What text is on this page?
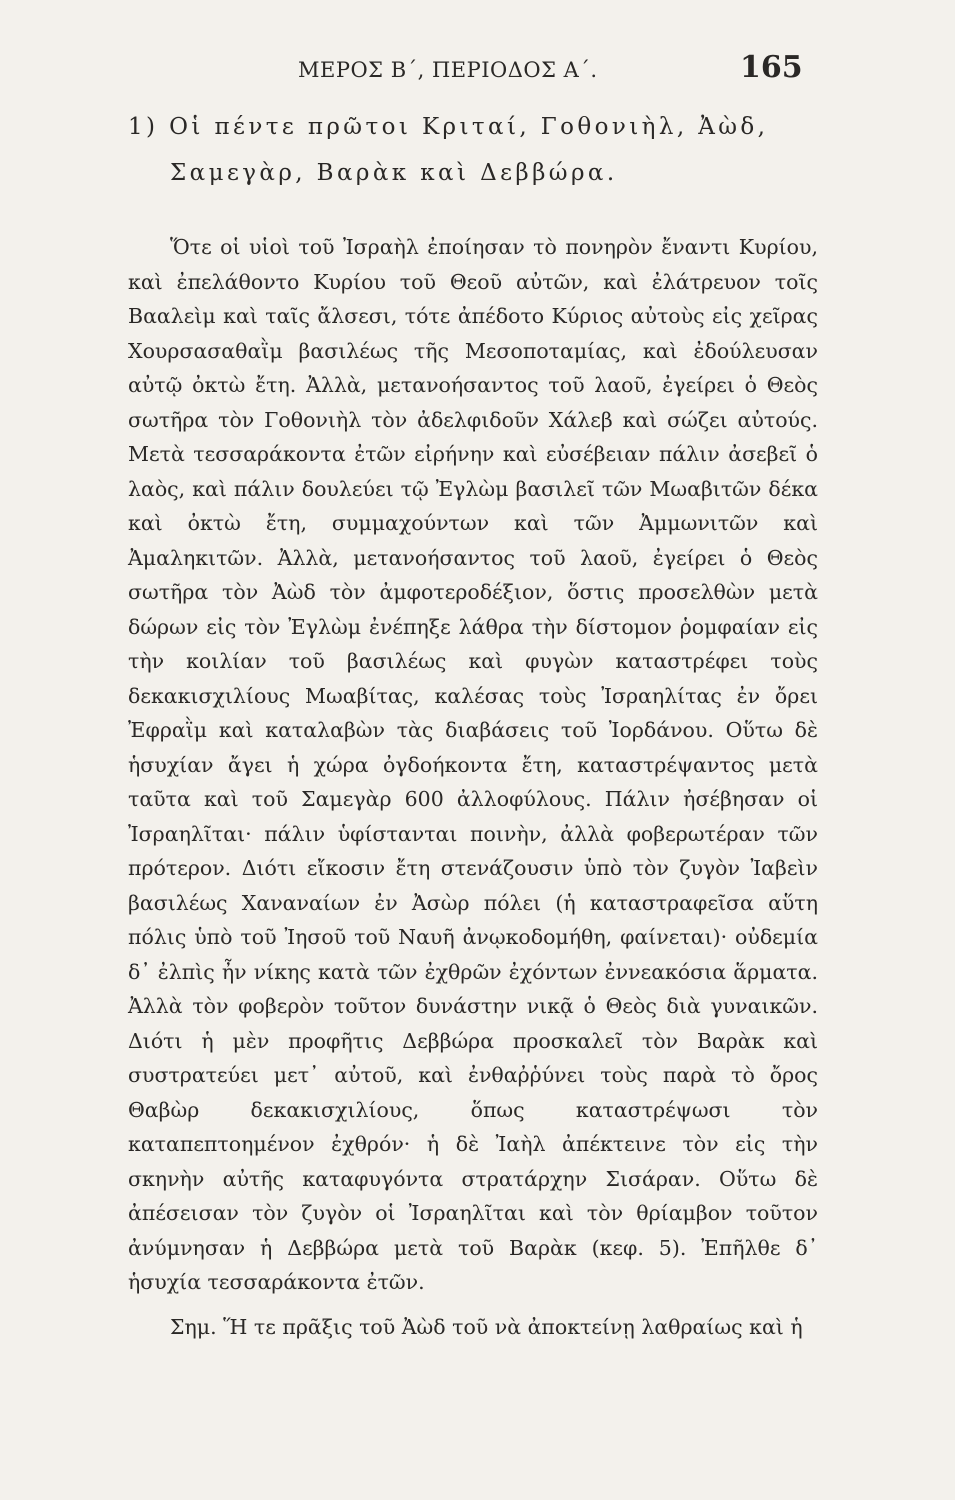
ΜΕΡΟΣ Β΄, ΠΕΡΙΟΔΟΣ Α΄.	165
1) Οἱ πέντε πρῶτοι Κριταί, Γοθονιὴλ, Ἀὼδ,
Σαμεγὰρ, Βαρὰκ καὶ Δεββώρα.

Ὅτε οἱ υἱοὶ τοῦ Ἰσραὴλ ἐποίησαν τὸ πονηρὸν ἔναντι Κυρίου, καὶ ἐπελάθοντο Κυρίου τοῦ Θεοῦ αὐτῶν, καὶ ἐλάτρευον τοῖς Βααλεὶμ καὶ ταῖς ἄλσεσι, τότε ἀπέδοτο Κύριος αὐτοὺς εἰς χεῖρας Χουρσασαθαῒμ βασιλέως τῆς Μεσοποταμίας, καὶ ἐδούλευσαν αὐτῷ ὀκτὼ ἔτη. Ἀλλὰ, μετανοήσαντος τοῦ λαοῦ, ἐγείρει ὁ Θεὸς σωτῆρα τὸν Γοθονιὴλ τὸν ἀδελφιδοῦν Χάλεβ καὶ σώζει αὐτούς. Μετὰ τεσσαράκοντα ἐτῶν εἰρήνην καὶ εὐσέβειαν πάλιν ἀσεβεῖ ὁ λαὸς, καὶ πάλιν δουλεύει τῷ Ἐγλὼμ βασιλεῖ τῶν Μωαβιτῶν δέκα καὶ ὀκτὼ ἔτη, συμμαχούντων καὶ τῶν Ἀμμωνιτῶν καὶ Ἀμαληκιτῶν. Ἀλλὰ, μετανοήσαντος τοῦ λαοῦ, ἐγείρει ὁ Θεὸς σωτῆρα τὸν Ἀὼδ τὸν ἀμφοτεροδέξιον, ὅστις προσελθὼν μετὰ δώρων εἰς τὸν Ἐγλὼμ ἐνέπηξε λάθρα τὴν δίστομον ῥομφαίαν εἰς τὴν κοιλίαν τοῦ βασιλέως καὶ φυγὼν καταστρέφει τοὺς δεκακισχιλίους Μωαβίτας, καλέσας τοὺς Ἰσραηλίτας ἐν ὄρει Ἐφραῒμ καὶ καταλαβὼν τὰς διαβάσεις τοῦ Ἰορδάνου. Οὕτω δὲ ἡσυχίαν ἄγει ἡ χώρα ὀγδοήκοντα ἔτη, καταστρέψαντος μετὰ ταῦτα καὶ τοῦ Σαμεγὰρ 600 ἀλλοφύλους. Πάλιν ἠσέβησαν οἱ Ἰσραηλῖται· πάλιν ὑφίστανται ποινὴν, ἀλλὰ φοβερωτέραν τῶν πρότερον. Διότι εἴκοσιν ἔτη στενάζουσιν ὑπὸ τὸν ζυγὸν Ἰαβεὶν βασιλέως Χαναναίων ἐν Ἀσὼρ πόλει (ἡ καταστραφεῖσα αὕτη πόλις ὑπὸ τοῦ Ἰησοῦ τοῦ Ναυῆ ἀνῳκοδομήθη, φαίνεται)· οὐδεμία δ᾽ ἐλπὶς ἦν νίκης κατὰ τῶν ἐχθρῶν ἐχόντων ἐννεακόσια ἅρματα. Ἀλλὰ τὸν φοβερὸν τοῦτον δυνάστην νικᾷ ὁ Θεὸς διὰ γυναικῶν. Διότι ἡ μὲν προφῆτις Δεββώρα προσκαλεῖ τὸν Βαρὰκ καὶ συστρατεύει μετ᾽ αὐτοῦ, καὶ ἐνθαῤῥύνει τοὺς παρὰ τὸ ὄρος Θαβὼρ δεκακισχιλίους, ὅπως καταστρέψωσι τὸν καταπεπτοημένον ἐχθρόν· ἡ δὲ Ἰαὴλ ἀπέκτεινε τὸν εἰς τὴν σκηνὴν αὐτῆς καταφυγόντα στρατάρχην Σισάραν. Οὕτω δὲ ἀπέσεισαν τὸν ζυγὸν οἱ Ἰσραηλῖται καὶ τὸν θρίαμβον τοῦτον ἀνύμνησαν ἡ Δεββώρα μετὰ τοῦ Βαρὰκ (κεφ. 5). Ἐπῆλθε δ᾽ ἡσυχία τεσσαράκοντα ἐτῶν.

Σημ. Ἥ τε πρᾶξις τοῦ Ἀὼδ τοῦ νὰ ἀποκτείνῃ λαθραίως καὶ ἡ
